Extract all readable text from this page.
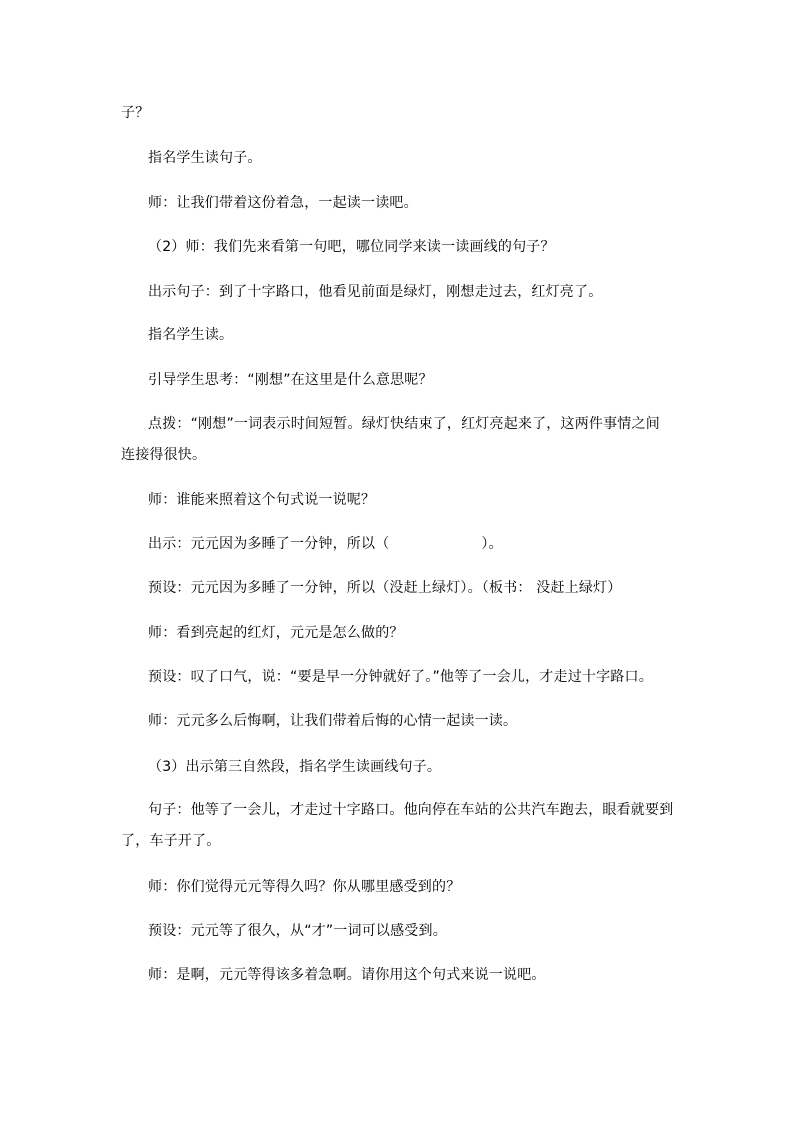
子？
指名学生读句子。
师：让我们带着这份着急，一起读一读吧。
（2）师：我们先来看第一句吧，哪位同学来读一读画线的句子？
出示句子：到了十字路口，他看见前面是绿灯，刚想走过去，红灯亮了。
指名学生读。
引导学生思考：“刚想”在这里是什么意思呢？
点拨：“刚想”一词表示时间短暂。绿灯快结束了，红灯亮起来了，这两件事情之间
连接得很快。
师：谁能来照着这个句式说一说呢？
出示：元元因为多睡了一分钟，所以（	）。
预设：元元因为多睡了一分钟，所以（没赶上绿灯）。（板书： 没赶上绿灯）
师：看到亮起的红灯，元元是怎么做的？
预设：叹了口气，说：“要是早一分钟就好了。”他等了一会儿，才走过十字路口。
师：元元多么后悔啊，让我们带着后悔的心情一起读一读。
（3）出示第三自然段，指名学生读画线句子。
句子：他等了一会儿，才走过十字路口。他向停在车站的公共汽车跑去，眼看就要到
了，车子开了。
师：你们觉得元元等得久吗？你从哪里感受到的？
预设：元元等了很久，从“才”一词可以感受到。
师：是啊，元元等得该多着急啊。请你用这个句式来说一说吧。
